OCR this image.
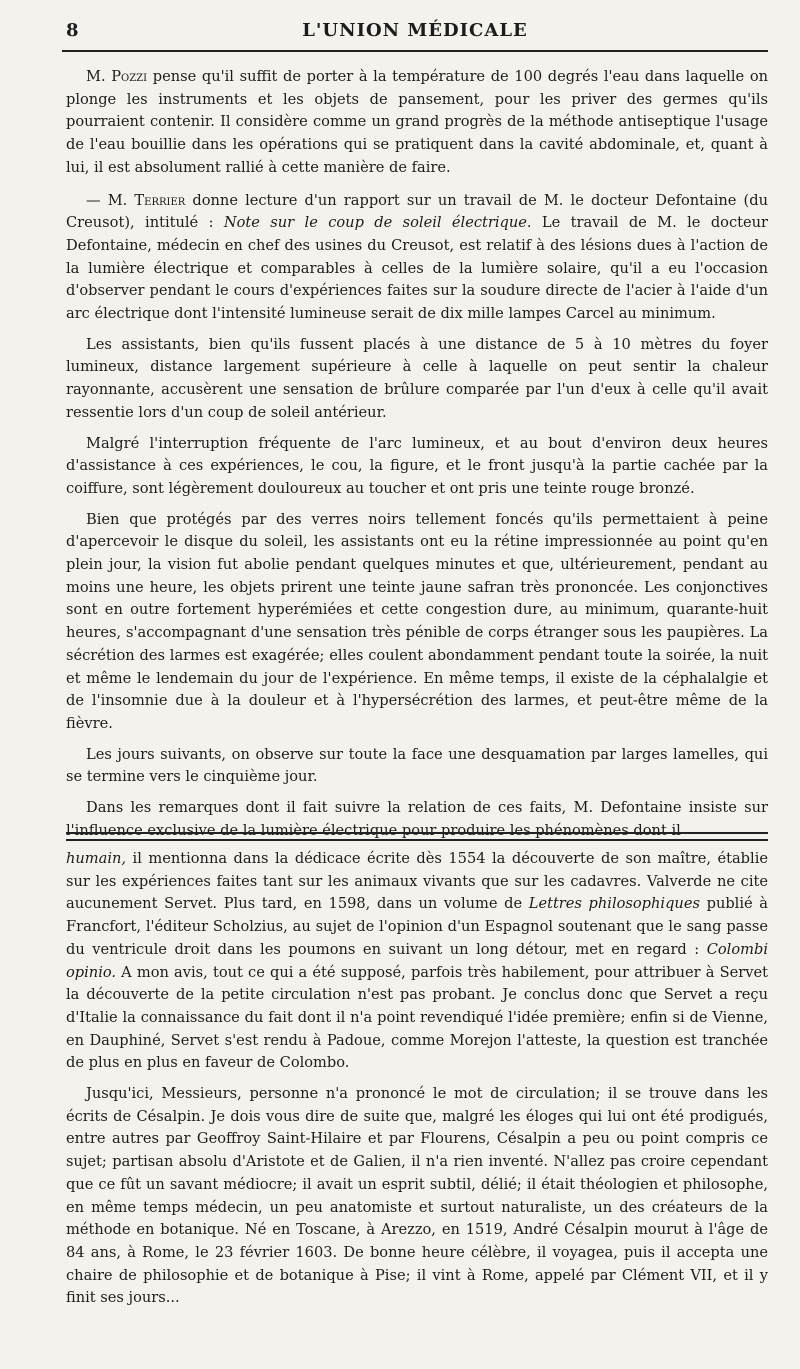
8	L'UNION MÉDICALE

M. Pozzi pense qu'il suffit de porter à la température de 100 degrés l'eau dans laquelle on plonge les instruments et les objets de pansement, pour les priver des germes qu'ils pourraient contenir. Il considère comme un grand progrès de la méthode antiseptique l'usage de l'eau bouillie dans les opérations qui se pratiquent dans la cavité abdominale, et, quant à lui, il est absolument rallié à cette manière de faire.

— M. Terrier donne lecture d'un rapport sur un travail de M. le docteur Defontaine (du Creusot), intitulé : Note sur le coup de soleil électrique. Le travail de M. le docteur Defontaine, médecin en chef des usines du Creusot, est relatif à des lésions dues à l'action de la lumière électrique et comparables à celles de la lumière solaire, qu'il a eu l'occasion d'observer pendant le cours d'expériences faites sur la soudure directe de l'acier à l'aide d'un arc électrique dont l'intensité lumineuse serait de dix mille lampes Carcel au minimum.

Les assistants, bien qu'ils fussent placés à une distance de 5 à 10 mètres du foyer lumineux, distance largement supérieure à celle à laquelle on peut sentir la chaleur rayonnante, accusèrent une sensation de brûlure comparée par l'un d'eux à celle qu'il avait ressentie lors d'un coup de soleil antérieur.

Malgré l'interruption fréquente de l'arc lumineux, et au bout d'environ deux heures d'assistance à ces expériences, le cou, la figure, et le front jusqu'à la partie cachée par la coiffure, sont légèrement douloureux au toucher et ont pris une teinte rouge bronzé.

Bien que protégés par des verres noirs tellement foncés qu'ils permettaient à peine d'apercevoir le disque du soleil, les assistants ont eu la rétine impressionnée au point qu'en plein jour, la vision fut abolie pendant quelques minutes et que, ultérieurement, pendant au moins une heure, les objets prirent une teinte jaune safran très prononcée. Les conjonctives sont en outre fortement hyperémiées et cette congestion dure, au minimum, quarante-huit heures, s'accompagnant d'une sensation très pénible de corps étranger sous les paupières. La sécrétion des larmes est exagérée; elles coulent abondamment pendant toute la soirée, la nuit et même le lendemain du jour de l'expérience. En même temps, il existe de la céphalalgie et de l'insomnie due à la douleur et à l'hypersécrétion des larmes, et peut-être même de la fièvre.

Les jours suivants, on observe sur toute la face une desquamation par larges lamelles, qui se termine vers le cinquième jour.

Dans les remarques dont il fait suivre la relation de ces faits, M. Defontaine insiste sur l'influence exclusive de la lumière électrique pour produire les phénomènes dont il

humain, il mentionna dans la dédicace écrite dès 1554 la découverte de son maître, établie sur les expériences faites tant sur les animaux vivants que sur les cadavres. Valverde ne cite aucunement Servet. Plus tard, en 1598, dans un volume de Lettres philosophiques publié à Francfort, l'éditeur Scholzius, au sujet de l'opinion d'un Espagnol soutenant que le sang passe du ventricule droit dans les poumons en suivant un long détour, met en regard : Colombi opinio. A mon avis, tout ce qui a été supposé, parfois très habilement, pour attribuer à Servet la découverte de la petite circulation n'est pas probant. Je conclus donc que Servet a reçu d'Italie la connaissance du fait dont il n'a point revendiqué l'idée première; enfin si de Vienne, en Dauphiné, Servet s'est rendu à Padoue, comme Morejon l'atteste, la question est tranchée de plus en plus en faveur de Colombo.

Jusqu'ici, Messieurs, personne n'a prononcé le mot de circulation; il se trouve dans les écrits de Césalpin. Je dois vous dire de suite que, malgré les éloges qui lui ont été prodigués, entre autres par Geoffroy Saint-Hilaire et par Flourens, Césalpin a peu ou point compris ce sujet; partisan absolu d'Aristote et de Galien, il n'a rien inventé. N'allez pas croire cependant que ce fût un savant médiocre; il avait un esprit subtil, délié; il était théologien et philosophe, en même temps médecin, un peu anatomiste et surtout naturaliste, un des créateurs de la méthode en botanique. Né en Toscane, à Arezzo, en 1519, André Césalpin mourut à l'âge de 84 ans, à Rome, le 23 février 1603. De bonne heure célèbre, il voyagea, puis il accepta une chaire de philosophie et de botanique à Pise; il vint à Rome, appelé par Clément VII, et il y finit ses jours...
